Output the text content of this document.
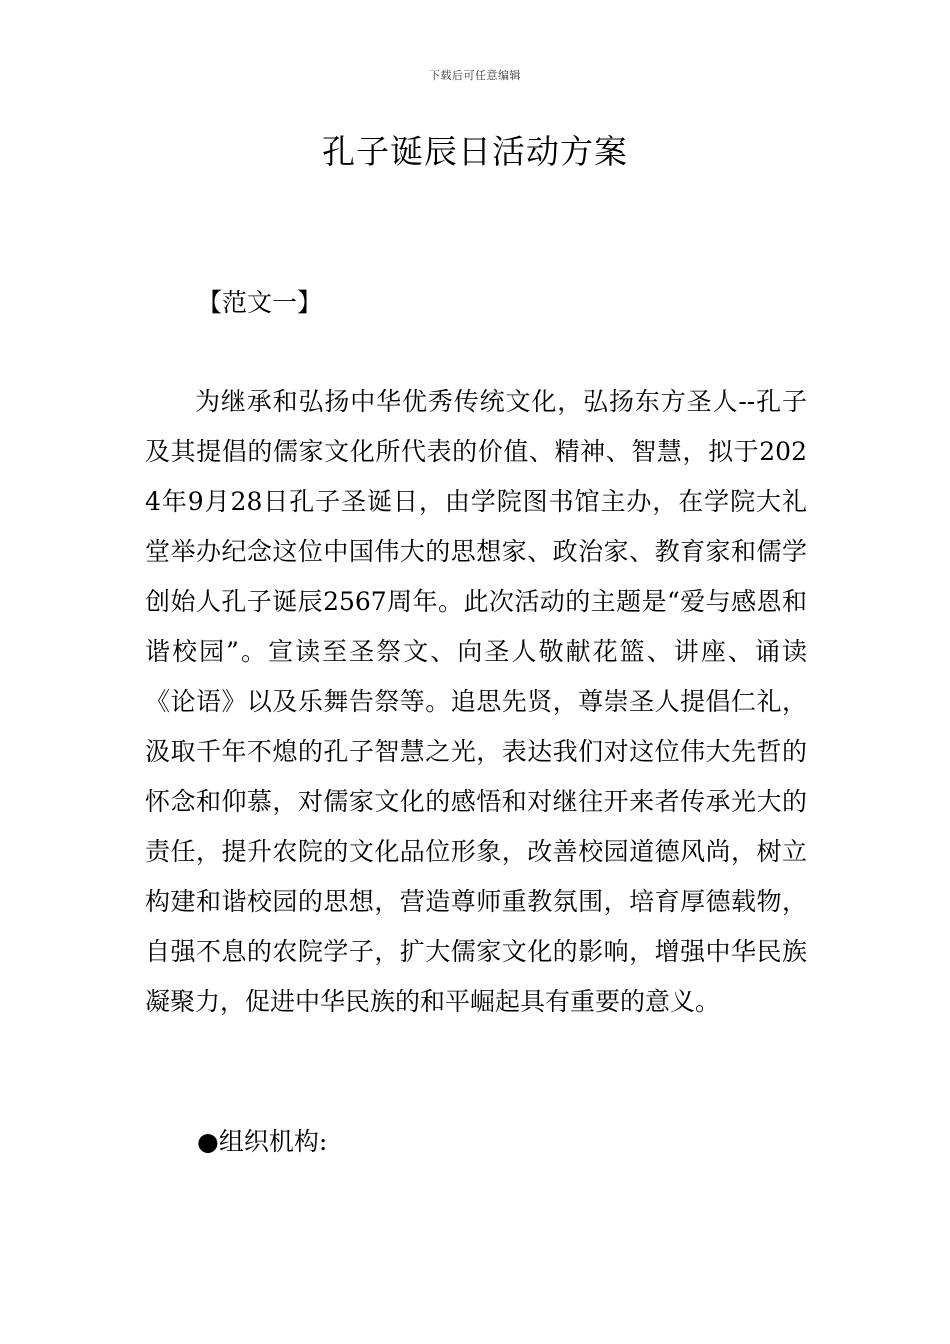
下载后可任意编辑
孔子诞辰日活动方案
【范文一】

为继承和弘扬中华优秀传统文化，弘扬东方圣人--孔子及其提倡的儒家文化所代表的价值、精神、智慧，拟于2024年9月28日孔子圣诞日，由学院图书馆主办，在学院大礼堂举办纪念这位中国伟大的思想家、政治家、教育家和儒学创始人孔子诞辰2567周年。此次活动的主题是“爱与感恩和谐校园”。宣读至圣祭文、向圣人敬献花篮、讲座、诵读《论语》以及乐舞告祭等。追思先贤，尊崇圣人提倡仁礼，汲取千年不熄的孔子智慧之光，表达我们对这位伟大先哲的怀念和仰慕，对儒家文化的感悟和对继往开来者传承光大的责任，提升农院的文化品位形象，改善校园道德风尚，树立构建和谐校园的思想，营造尊师重教氛围，培育厚德载物，自强不息的农院学子，扩大儒家文化的影响，增强中华民族凝聚力，促进中华民族的和平崛起具有重要的意义。

●组织机构:
